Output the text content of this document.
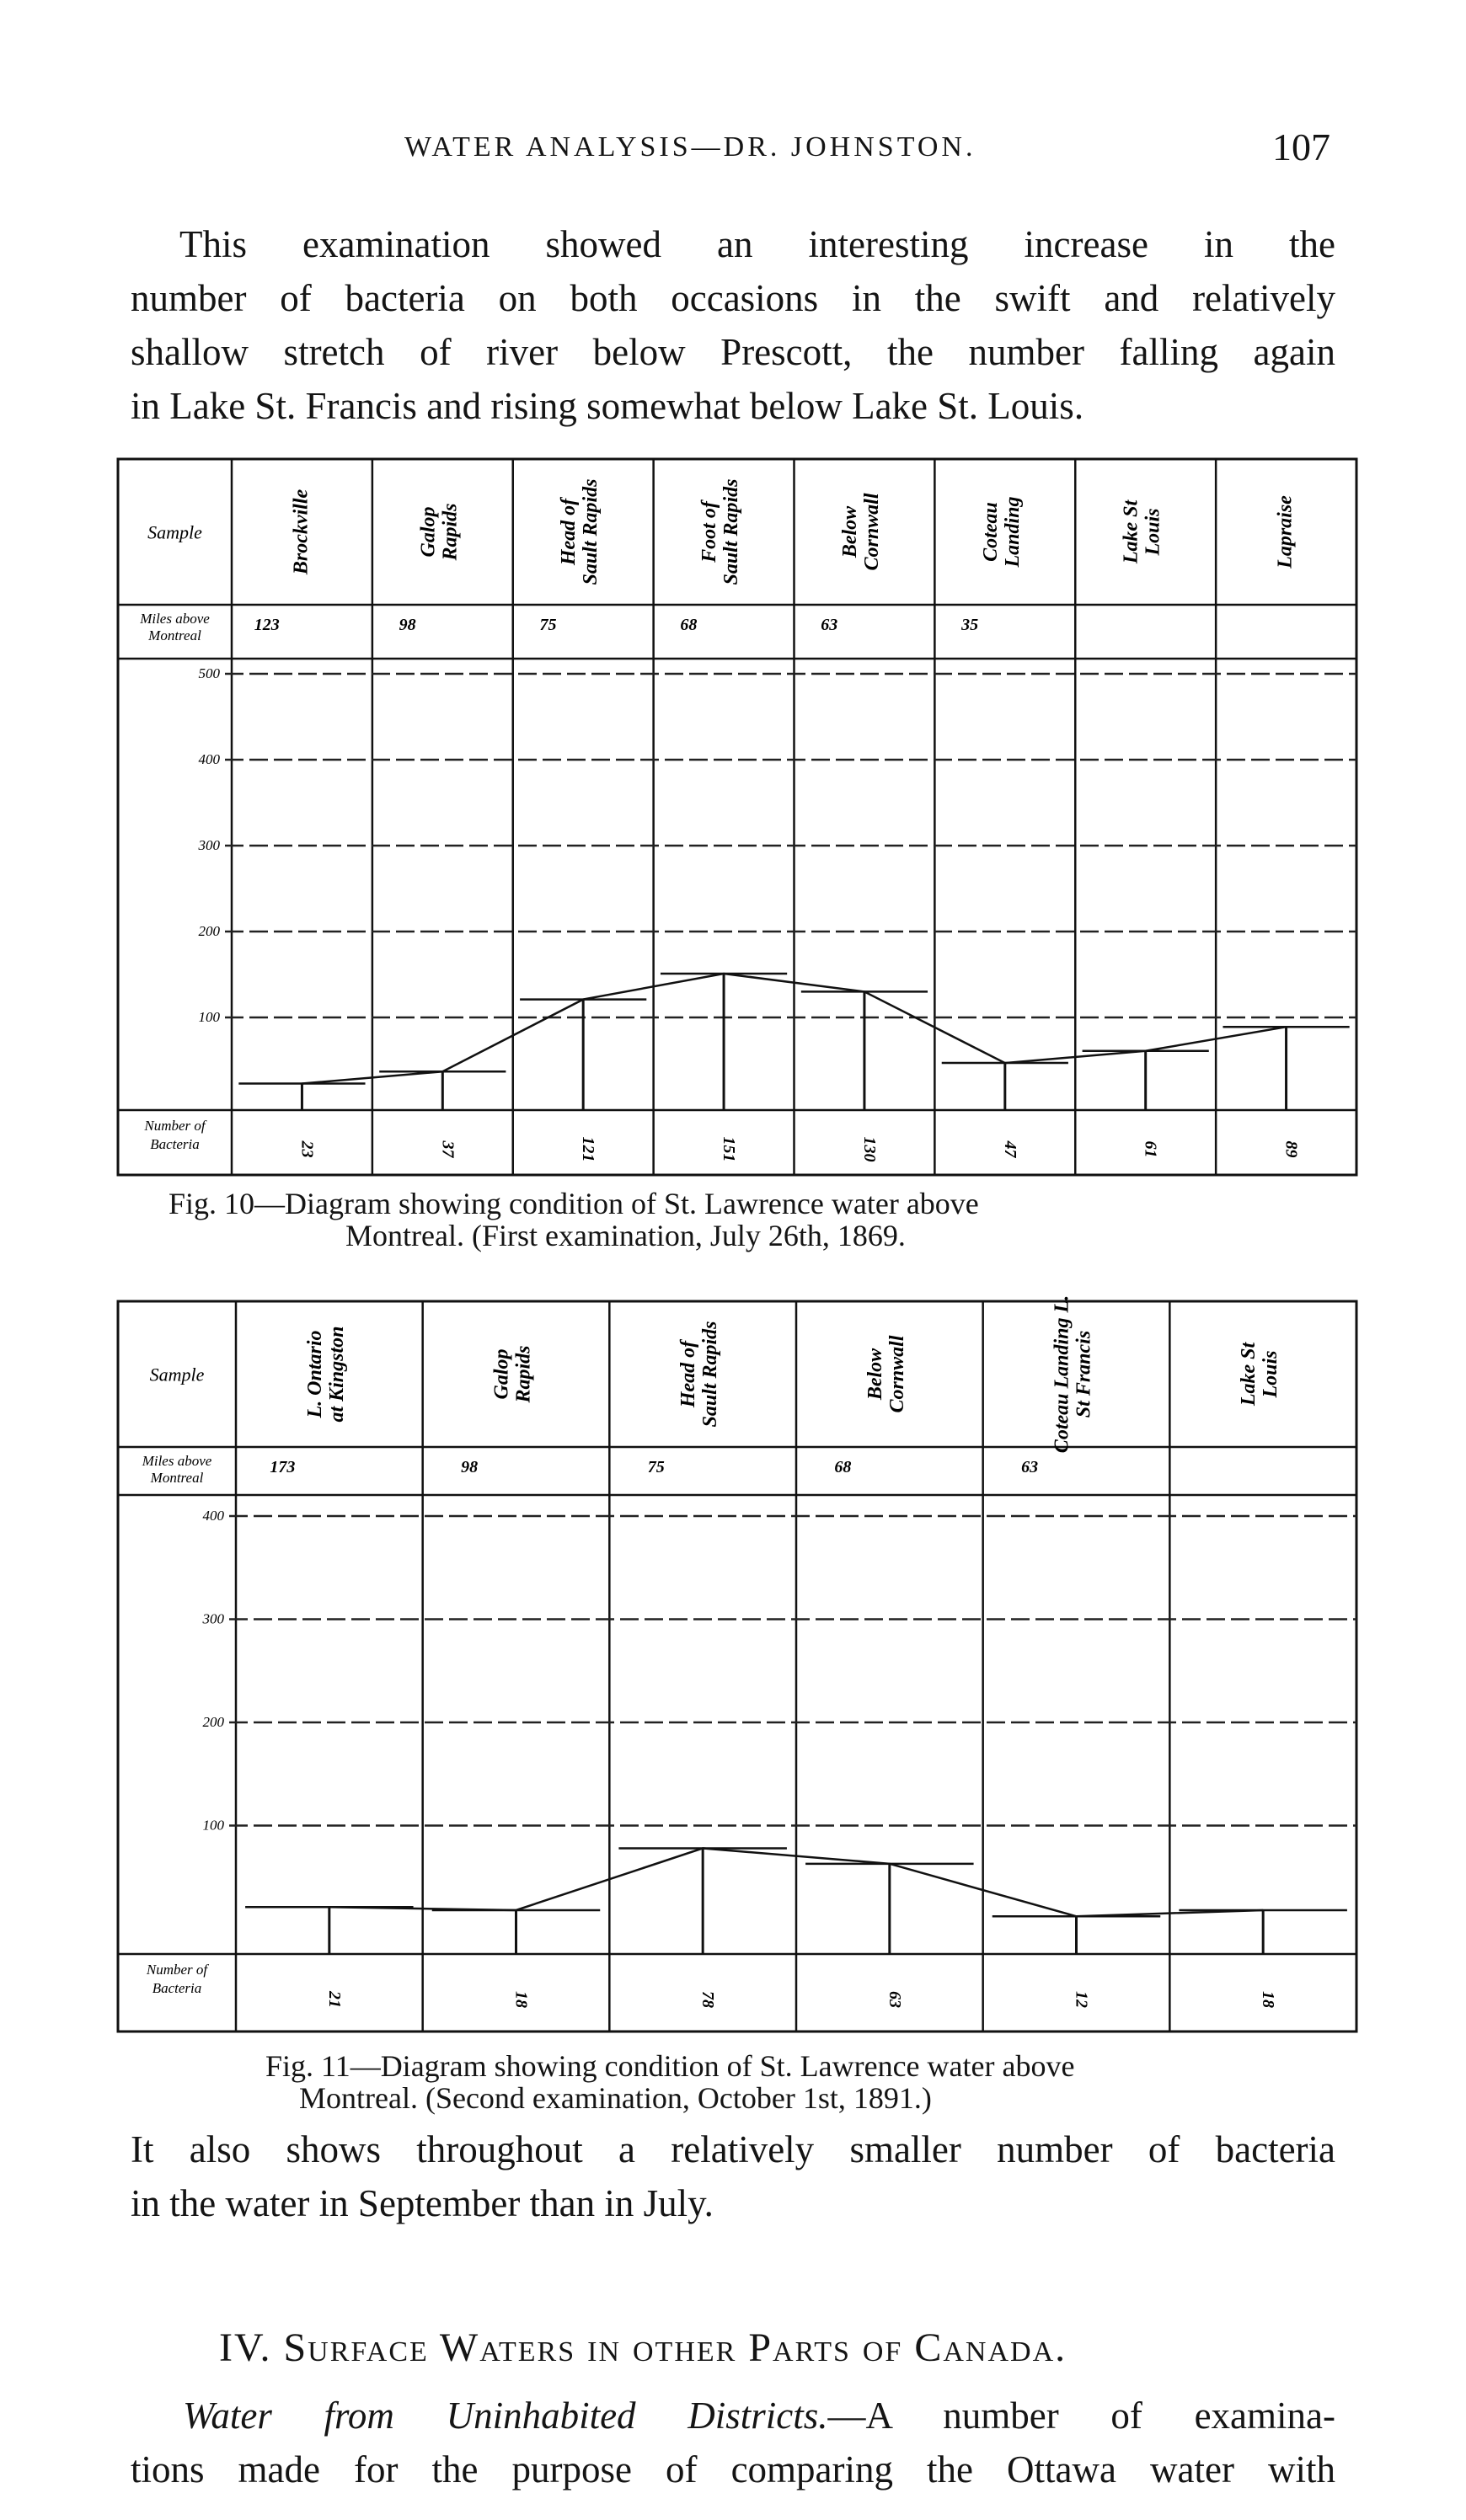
WATER ANALYSIS—DR. JOHNSTON.	107
This examination showed an interesting increase in the
number of bacteria on both occasions in the swift and relatively
shallow stretch of river below Prescott, the number falling again
in Lake St. Francis and rising somewhat below Lake St. Louis.
500
400
300
200
100
Sample
Miles above
Montreal
Number of
Bacteria
Brockville
123
23
Galop Rapids
98
37
Head of Sault Rapids
75
121
Foot of Sault Rapids
68
151
Below Cornwall
63
130
Coteau Landing
35
47
Lake St Louis
61
Lapraise
89
400
300
200
100
Sample
Miles above
Montreal
Number of
Bacteria
L. Ontario at Kingston
173
21
Galop Rapids
98
18
Head of Sault Rapids
75
78
Below Cornwall
68
63
Coteau Landing L. St Francis
63
12
Lake St Louis
18
Fig. 10—Diagram showing condition of St. Lawrence water above
Montreal. (First examination, July 26th, 1869.
Fig. 11—Diagram showing condition of St. Lawrence water above
Montreal. (Second examination, October 1st, 1891.)
It also shows throughout a relatively smaller number of bacteria
in the water in September than in July.
IV. Surface Waters in other Parts of Canada.
Water from Uninhabited Districts.—A number of examina-
tions made for the purpose of comparing the Ottawa water with
